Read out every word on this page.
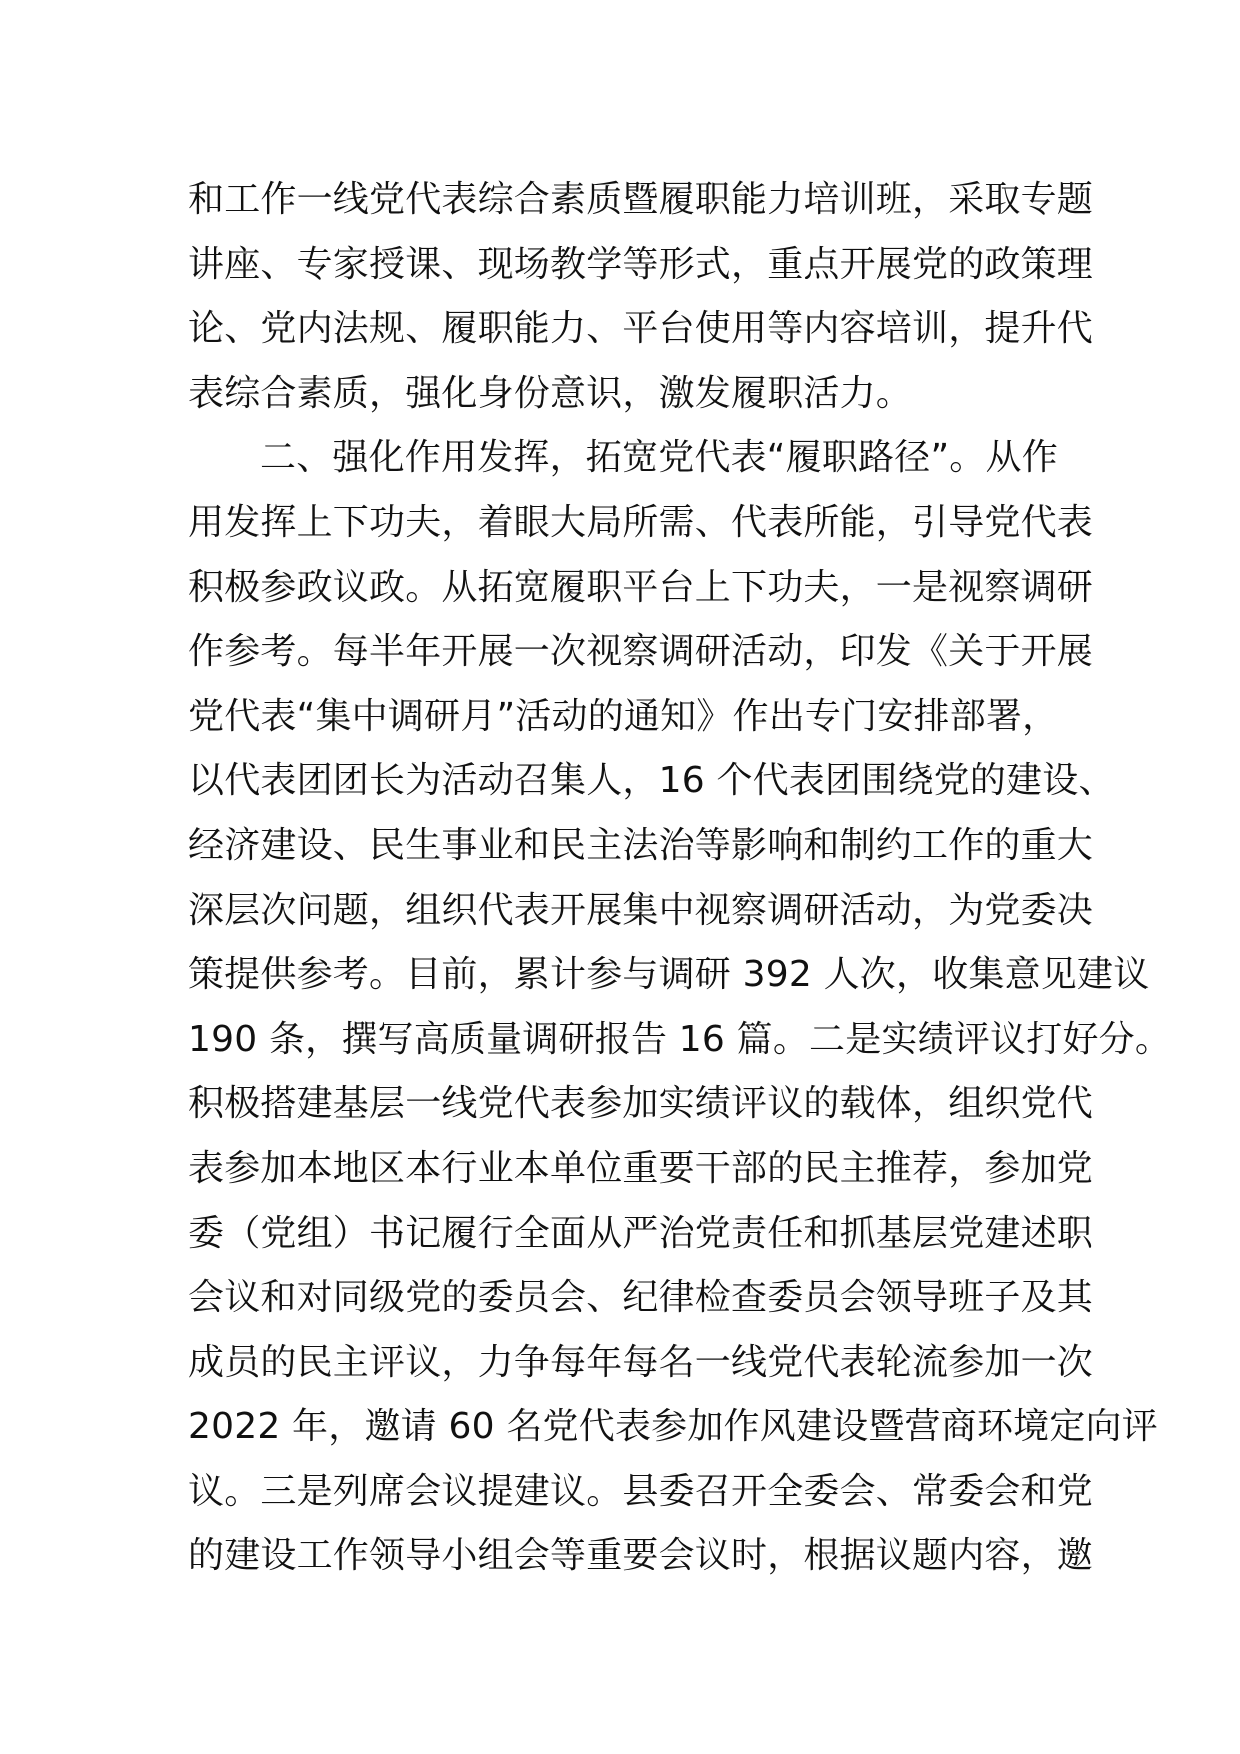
和工作一线党代表综合素质暨履职能力培训班，采取专题
讲座、专家授课、现场教学等形式，重点开展党的政策理
论、党内法规、履职能力、平台使用等内容培训，提升代
表综合素质，强化身份意识，激发履职活力。
二、强化作用发挥，拓宽党代表“履职路径”。从作
用发挥上下功夫，着眼大局所需、代表所能，引导党代表
积极参政议政。从拓宽履职平台上下功夫，一是视察调研
作参考。每半年开展一次视察调研活动，印发《关于开展
党代表“集中调研月”活动的通知》作出专门安排部署，
以代表团团长为活动召集人，16 个代表团围绕党的建设、
经济建设、民生事业和民主法治等影响和制约工作的重大
深层次问题，组织代表开展集中视察调研活动，为党委决
策提供参考。目前，累计参与调研 392 人次，收集意见建议
190 条，撰写高质量调研报告 16 篇。二是实绩评议打好分。
积极搭建基层一线党代表参加实绩评议的载体，组织党代
表参加本地区本行业本单位重要干部的民主推荐，参加党
委（党组）书记履行全面从严治党责任和抓基层党建述职
会议和对同级党的委员会、纪律检查委员会领导班子及其
成员的民主评议，力争每年每名一线党代表轮流参加一次
2022 年，邀请 60 名党代表参加作风建设暨营商环境定向评
议。三是列席会议提建议。县委召开全委会、常委会和党
的建设工作领导小组会等重要会议时，根据议题内容，邀
